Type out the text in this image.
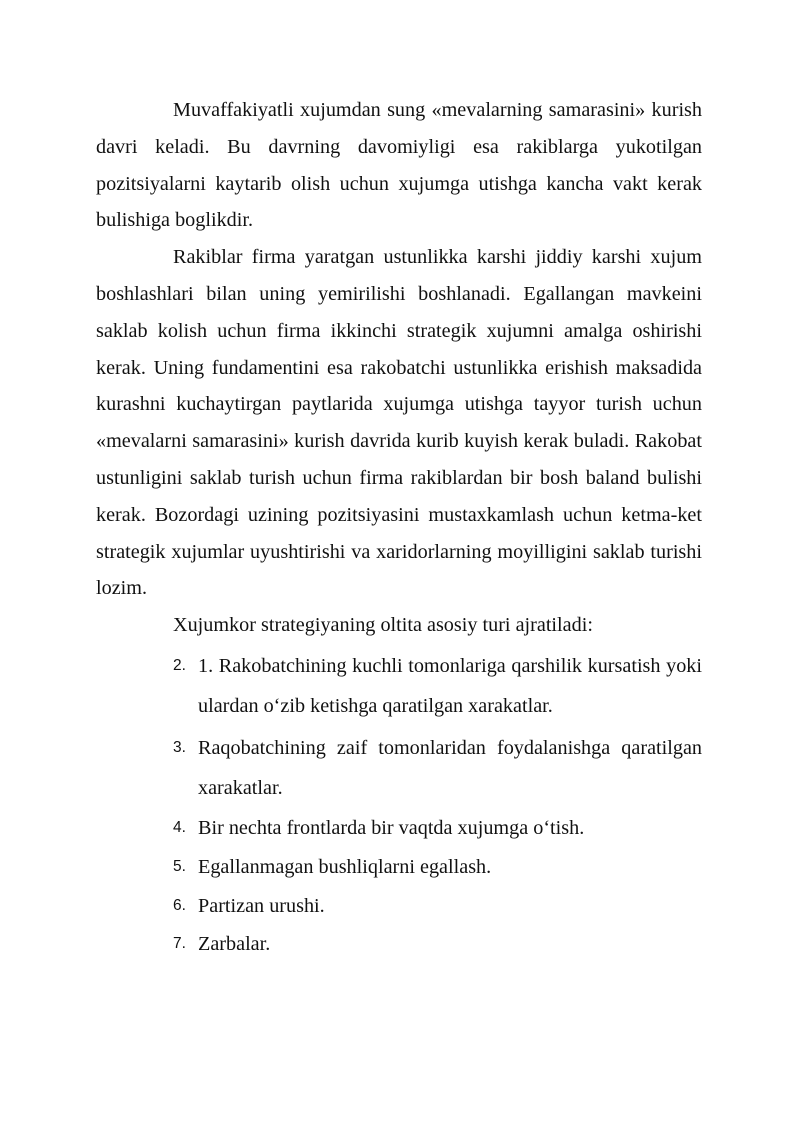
Muvaffakiyatli xujumdan sung «mevalarning samarasini» kurish davri keladi. Bu davrning davomiyligi esa rakiblarga yukotilgan pozitsiyalarni kaytarib olish uchun xujumga utishga kancha vakt kerak bulishiga boglikdir.

Rakiblar firma yaratgan ustunlikka karshi jiddiy karshi xujum boshlashlari bilan uning yemirilishi boshlanadi. Egallangan mavkeini saklab kolish uchun firma ikkinchi strategik xujumni amalga oshirishi kerak. Uning fundamentini esa rakobatchi ustunlikka erishish maksadida kurashni kuchaytirgan paytlarida xujumga utishga tayyor turish uchun «mevalarni samarasini» kurish davrida kurib kuyish kerak buladi. Rakobat ustunligini saklab turish uchun firma rakiblardan bir bosh baland bulishi kerak. Bozordagi uzining pozitsiyasini mustaxkamlash uchun ketma-ket strategik xujumlar uyushtirishi va xaridorlarning moyilligini saklab turishi lozim.

Xujumkor strategiyaning oltita asosiy turi ajratiladi:

2. 1. Rakobatchining kuchli tomonlariga qarshilik kursatish yoki ulardan o‘zib ketishga qaratilgan xarakatlar.
3. Raqobatchining zaif tomonlaridan foydalanishga qaratilgan xarakatlar.
4. Bir nechta frontlarda bir vaqtda xujumga o‘tish.
5. Egallanmagan bushliqlarni egallash.
6. Partizan urushi.
7. Zarbalar.
